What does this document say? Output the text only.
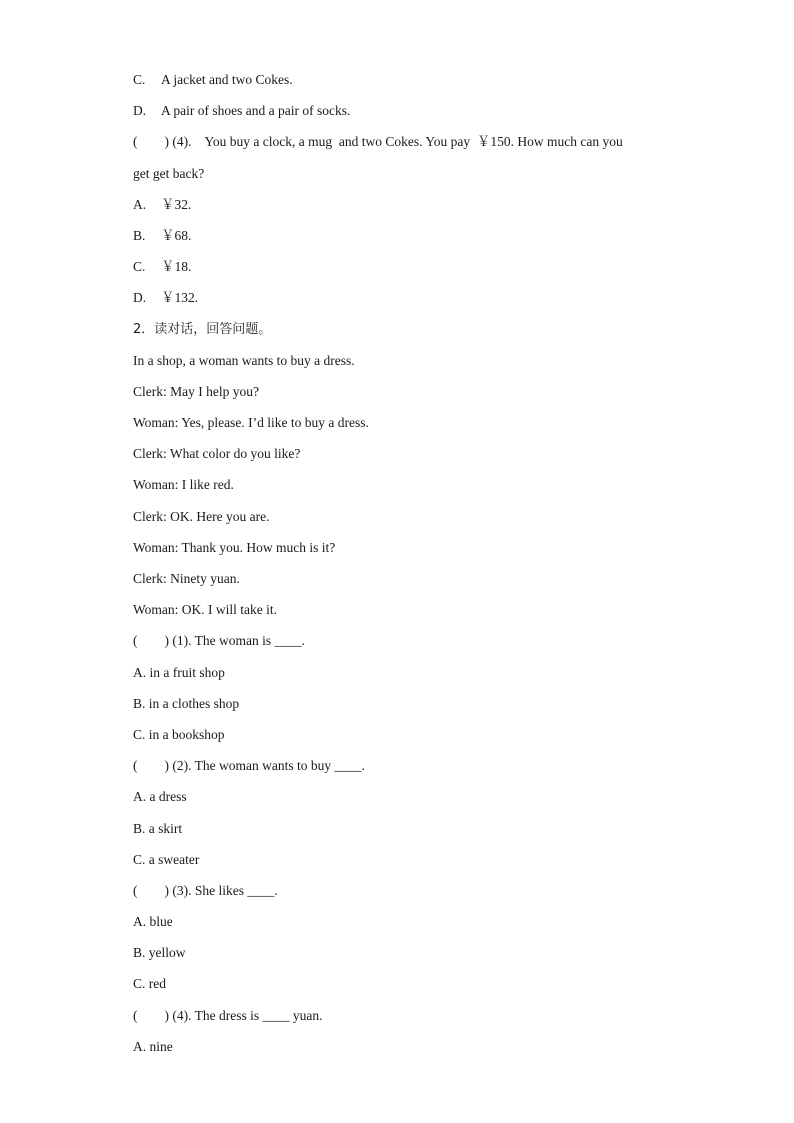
C. A jacket and two Cokes.

D. A pair of shoes and a pair of socks.

(        ) (4).    You buy a clock, a mug  and two Cokes. You pay  ￥150. How much can you

get get back?

A. ￥32.

B. ￥68.

C. ￥18.

D. ￥132.

2．读对话，回答问题。

In a shop, a woman wants to buy a dress.

Clerk: May I help you?

Woman: Yes, please. I’d like to buy a dress.

Clerk: What color do you like?

Woman: I like red.

Clerk: OK. Here you are.

Woman: Thank you. How much is it?

Clerk: Ninety yuan.

Woman: OK. I will take it.

(        ) (1). The woman is ____.

A. in a fruit shop

B. in a clothes shop

C. in a bookshop

(        ) (2). The woman wants to buy ____.

A. a dress

B. a skirt

C. a sweater

(        ) (3). She likes ____.

A. blue

B. yellow

C. red

(        ) (4). The dress is ____ yuan.

A. nine
